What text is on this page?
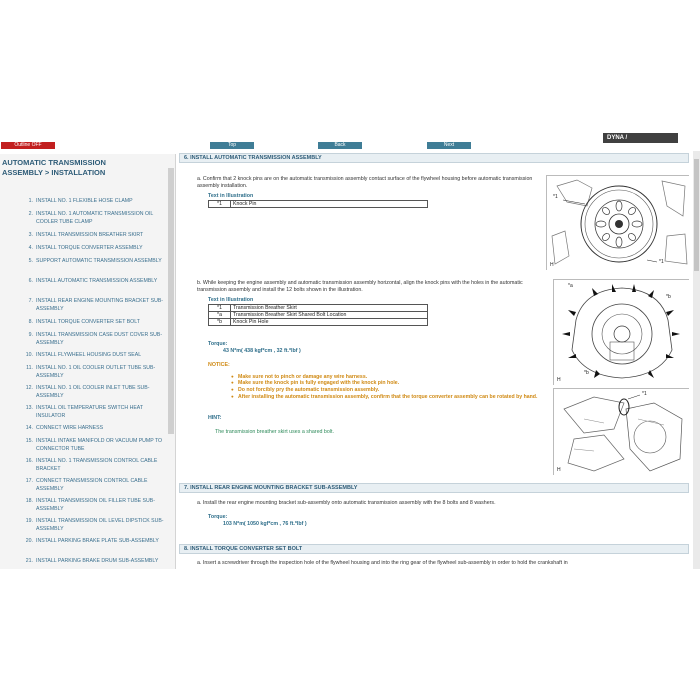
Outline OFF	Top	Back	Next
DYNA /
AUTOMATIC TRANSMISSION ASSEMBLY > INSTALLATION
1. INSTALL NO. 1 FLEXIBLE HOSE CLAMP
2. INSTALL NO. 1 AUTOMATIC TRANSMISSION OIL COOLER TUBE CLAMP
3. INSTALL TRANSMISSION BREATHER SKIRT
4. INSTALL TORQUE CONVERTER ASSEMBLY
5. SUPPORT AUTOMATIC TRANSMISSION ASSEMBLY
6. INSTALL AUTOMATIC TRANSMISSION ASSEMBLY
7. INSTALL REAR ENGINE MOUNTING BRACKET SUB-ASSEMBLY
8. INSTALL TORQUE CONVERTER SET BOLT
9. INSTALL TRANSMISSION CASE DUST COVER SUB-ASSEMBLY
10. INSTALL FLYWHEEL HOUSING DUST SEAL
11. INSTALL NO. 1 OIL COOLER OUTLET TUBE SUB-ASSEMBLY
12. INSTALL NO. 1 OIL COOLER INLET TUBE SUB-ASSEMBLY
13. INSTALL OIL TEMPERATURE SWITCH HEAT INSULATOR
14. CONNECT WIRE HARNESS
15. INSTALL INTAKE MANIFOLD OR VACUUM PUMP TO CONNECTOR TUBE
16. INSTALL NO. 1 TRANSMISSION CONTROL CABLE BRACKET
17. CONNECT TRANSMISSION CONTROL CABLE ASSEMBLY
18. INSTALL TRANSMISSION OIL FILLER TUBE SUB-ASSEMBLY
19. INSTALL TRANSMISSION OIL LEVEL DIPSTICK SUB-ASSEMBLY
20. INSTALL PARKING BRAKE PLATE SUB-ASSEMBLY
21. INSTALL PARKING BRAKE DRUM SUB-ASSEMBLY
6. INSTALL AUTOMATIC TRANSMISSION ASSEMBLY
a. Confirm that 2 knock pins are on the automatic transmission assembly contact surface of the flywheel housing before automatic transmission assembly installation.
Text in Illustration
*1	Knock Pin
*1
*1
H
b. While keeping the engine assembly and automatic transmission assembly horizontal, align the knock pins with the holes in the automatic transmission assembly and install the 12 bolts shown in the illustration.
Text in Illustration
*1	Transmission Breather Skirt
*a	Transmission Breather Skirt Shared Bolt Location
*b	Knock Pin Hole
Torque:
43 N*m( 438 kgf*cm , 32 ft.*lbf )
NOTICE:
● Make sure not to pinch or damage any wire harness.
● Make sure the knock pin is fully engaged with the knock pin hole.
● Do not forcibly pry the automatic transmission assembly.
● After installing the automatic transmission assembly, confirm that the torque converter assembly can be rotated by hand.
HINT:
The transmission breather skirt uses a shared bolt.
*a
*b
*b
H
*1
H
7. INSTALL REAR ENGINE MOUNTING BRACKET SUB-ASSEMBLY
a. Install the rear engine mounting bracket sub-assembly onto automatic transmission assembly with the 8 bolts and 8 washers.
Torque:
103 N*m( 1050 kgf*cm , 76 ft.*lbf )
8. INSTALL TORQUE CONVERTER SET BOLT
a. Insert a screwdriver through the inspection hole of the flywheel housing and into the ring gear of the flywheel sub-assembly in order to hold the crankshaft in
